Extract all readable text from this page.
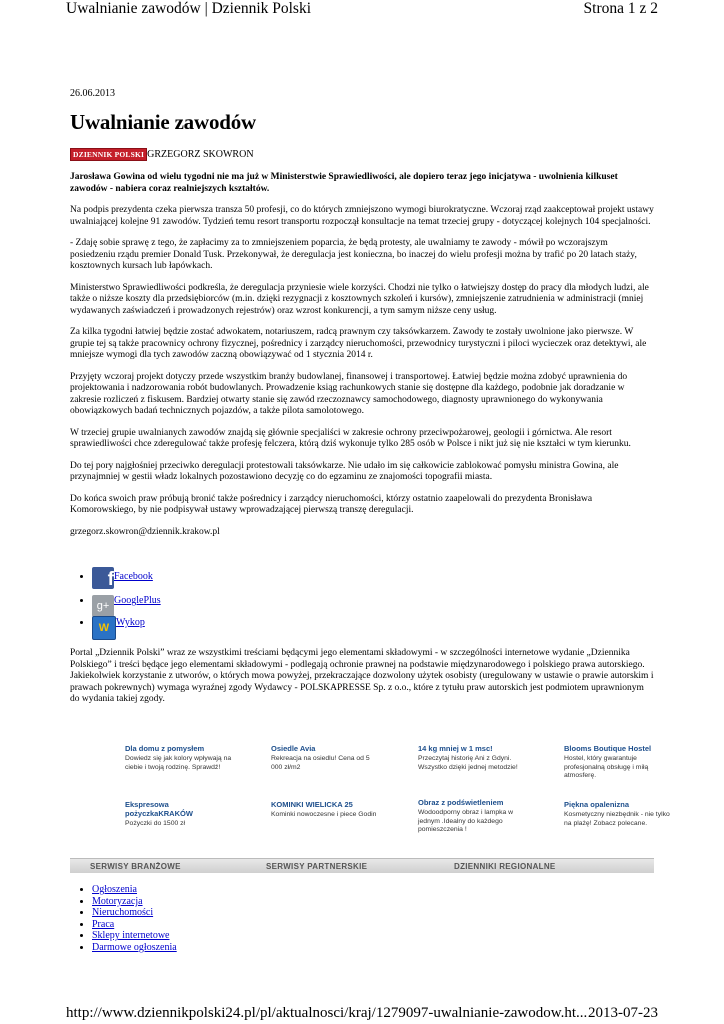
Uwalnianie zawodów | Dziennik Polski	Strona 1 z 2
26.06.2013
Uwalnianie zawodów
DZIENNIK POLSKI GRZEGORZ SKOWRON

Jarosława Gowina od wielu tygodni nie ma już w Ministerstwie Sprawiedliwości, ale dopiero teraz jego inicjatywa - uwolnienia kilkuset zawodów - nabiera coraz realniejszych kształtów.

Na podpis prezydenta czeka pierwsza transza 50 profesji, co do których zmniejszono wymogi biurokratyczne. Wczoraj rząd zaakceptował projekt ustawy uwalniającej kolejne 91 zawodów. Tydzień temu resort transportu rozpoczął konsultacje na temat trzeciej grupy - dotyczącej kolejnych 104 specjalności.

- Zdaję sobie sprawę z tego, że zapłacimy za to zmniejszeniem poparcia, że będą protesty, ale uwalniamy te zawody - mówił po wczorajszym posiedzeniu rządu premier Donald Tusk. Przekonywał, że deregulacja jest konieczna, bo inaczej do wielu profesji można by trafić po 20 latach staży, kosztownych kursach lub łapówkach.

Ministerstwo Sprawiedliwości podkreśla, że deregulacja przyniesie wiele korzyści. Chodzi nie tylko o łatwiejszy dostęp do pracy dla młodych ludzi, ale także o niższe koszty dla przedsiębiorców (m.in. dzięki rezygnacji z kosztownych szkoleń i kursów), zmniejszenie zatrudnienia w administracji (mniej wydawanych zaświadczeń i prowadzonych rejestrów) oraz wzrost konkurencji, a tym samym niższe ceny usług.

Za kilka tygodni łatwiej będzie zostać adwokatem, notariuszem, radcą prawnym czy taksówkarzem. Zawody te zostały uwolnione jako pierwsze. W grupie tej są także pracownicy ochrony fizycznej, pośrednicy i zarządcy nieruchomości, przewodnicy turystyczni i piloci wycieczek oraz detektywi, ale mniejsze wymogi dla tych zawodów zaczną obowiązywać od 1 stycznia 2014 r.

Przyjęty wczoraj projekt dotyczy przede wszystkim branży budowlanej, finansowej i transportowej. Łatwiej będzie można zdobyć uprawnienia do projektowania i nadzorowania robót budowlanych. Prowadzenie ksiąg rachunkowych stanie się dostępne dla każdego, podobnie jak doradzanie w zakresie rozliczeń z fiskusem. Bardziej otwarty stanie się zawód rzeczoznawcy samochodowego, diagnosty uprawnionego do wykonywania obowiązkowych badań technicznych pojazdów, a także pilota samolotowego.

W trzeciej grupie uwalnianych zawodów znajdą się głównie specjaliści w zakresie ochrony przeciwpożarowej, geologii i górnictwa. Ale resort sprawiedliwości chce zderegulować także profesję felczera, którą dziś wykonuje tylko 285 osób w Polsce i nikt już się nie kształci w tym kierunku.

Do tej pory najgłośniej przeciwko deregulacji protestowali taksówkarze. Nie udało im się całkowicie zablokować pomysłu ministra Gowina, ale przynajmniej w gestii władz lokalnych pozostawiono decyzję co do egzaminu ze znajomości topografii miasta.

Do końca swoich praw próbują bronić także pośrednicy i zarządcy nieruchomości, którzy ostatnio zaapelowali do prezydenta Bronisława Komorowskiego, by nie podpisywał ustawy wprowadzającej pierwszą transzę deregulacji.

grzegorz.skowron@dziennik.krakow.pl

• fFacebook
• g+ GooglePlus
• W Wykop
Portal „Dziennik Polski” wraz ze wszystkimi treściami będącymi jego elementami składowymi - w szczególności internetowe wydanie „Dziennika Polskiego” i treści będące jego elementami składowymi - podlegają ochronie prawnej na podstawie międzynarodowego i polskiego prawa autorskiego. Jakiekolwiek korzystanie z utworów, o których mowa powyżej, przekraczające dozwolony użytek osobisty (uregulowany w ustawie o prawie autorskim i prawach pokrewnych) wymaga wyraźnej zgody Wydawcy - POLSKAPRESSE Sp. z o.o., które z tytułu praw autorskich jest podmiotem uprawnionym do wydania takiej zgody.
Dla domu z pomysłem
Dowiedz się jak kolory wpływają na ciebie i twoją rodzinę. Sprawdź!
Osiedle Avia
Rekreacja na osiedlu! Cena od 5 000 zł/m2
14 kg mniej w 1 msc!
Przeczytaj historię Ani z Gdyni. Wszystko dzięki jednej metodzie!
Blooms Boutique Hostel
Hostel, który gwarantuje profesjonalną obsługę i miłą atmosferę.
Ekspresowa pożyczkaKRAKÓW
Pożyczki do 1500 zł
KOMINKI WIELICKA 25
Kominki nowoczesne i piece Godin
Obraz z podświetleniem
Wodoodporny obraz i lampka w jednym .Idealny do każdego pomieszczenia !
Piękna opalenizna
Kosmetyczny niezbędnik - nie tylko na plażę! Zobacz polecane.
SERWISY BRANŻOWE	SERWISY PARTNERSKIE	DZIENNIKI REGIONALNE
• Ogłoszenia
• Motoryzacja
• Nieruchomości
• Praca
• Sklepy internetowe
• Darmowe ogłoszenia
http://www.dziennikpolski24.pl/pl/aktualnosci/kraj/1279097-uwalnianie-zawodow.ht... 2013-07-23
